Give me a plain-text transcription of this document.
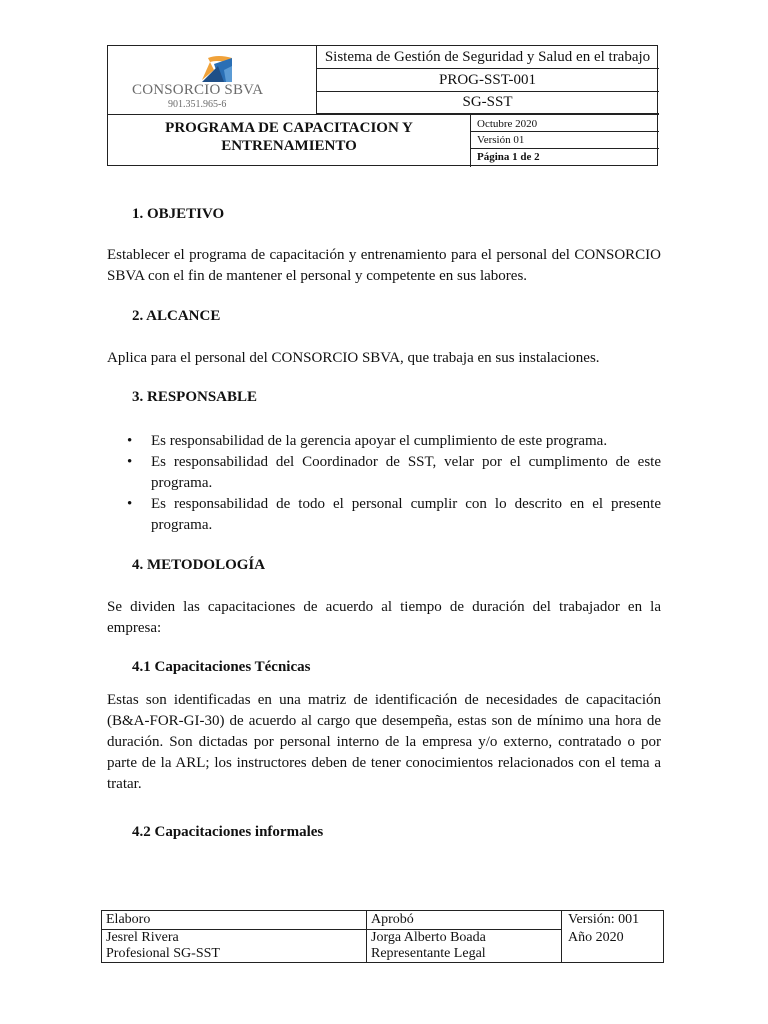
CONSORCIO SBVA
901.351.965-6
Sistema de Gestión de Seguridad y Salud en el trabajo
PROG-SST-001
SG-SST
PROGRAMA DE CAPACITACION Y
ENTRENAMIENTO
Octubre 2020
Versión 01
Página 1 de 2
1. OBJETIVO
Establecer el programa de capacitación y entrenamiento para el personal del CONSORCIO SBVA con el fin de mantener el personal y competente en sus labores.
2. ALCANCE
Aplica para el personal del CONSORCIO SBVA, que trabaja en sus instalaciones.
3. RESPONSABLE
• Es responsabilidad de la gerencia apoyar el cumplimiento de este programa.
• Es responsabilidad del Coordinador de SST, velar por el cumplimento de este programa.
• Es responsabilidad de todo el personal cumplir con lo descrito en el presente programa.
4. METODOLOGÍA
Se dividen las capacitaciones de acuerdo al tiempo de duración del trabajador en la empresa:
4.1 Capacitaciones Técnicas
Estas son identificadas en una matriz de identificación de necesidades de capacitación (B&A-FOR-GI-30) de acuerdo al cargo que desempeña, estas son de mínimo una hora de duración. Son dictadas por personal interno de la empresa y/o externo, contratado o por parte de la ARL; los instructores deben de tener conocimientos relacionados con el tema a tratar.
4.2 Capacitaciones informales
Elaboro
Jesrel Rivera
Profesional SG-SST
Aprobó
Jorga Alberto Boada
Representante Legal
Versión: 001
Año 2020
